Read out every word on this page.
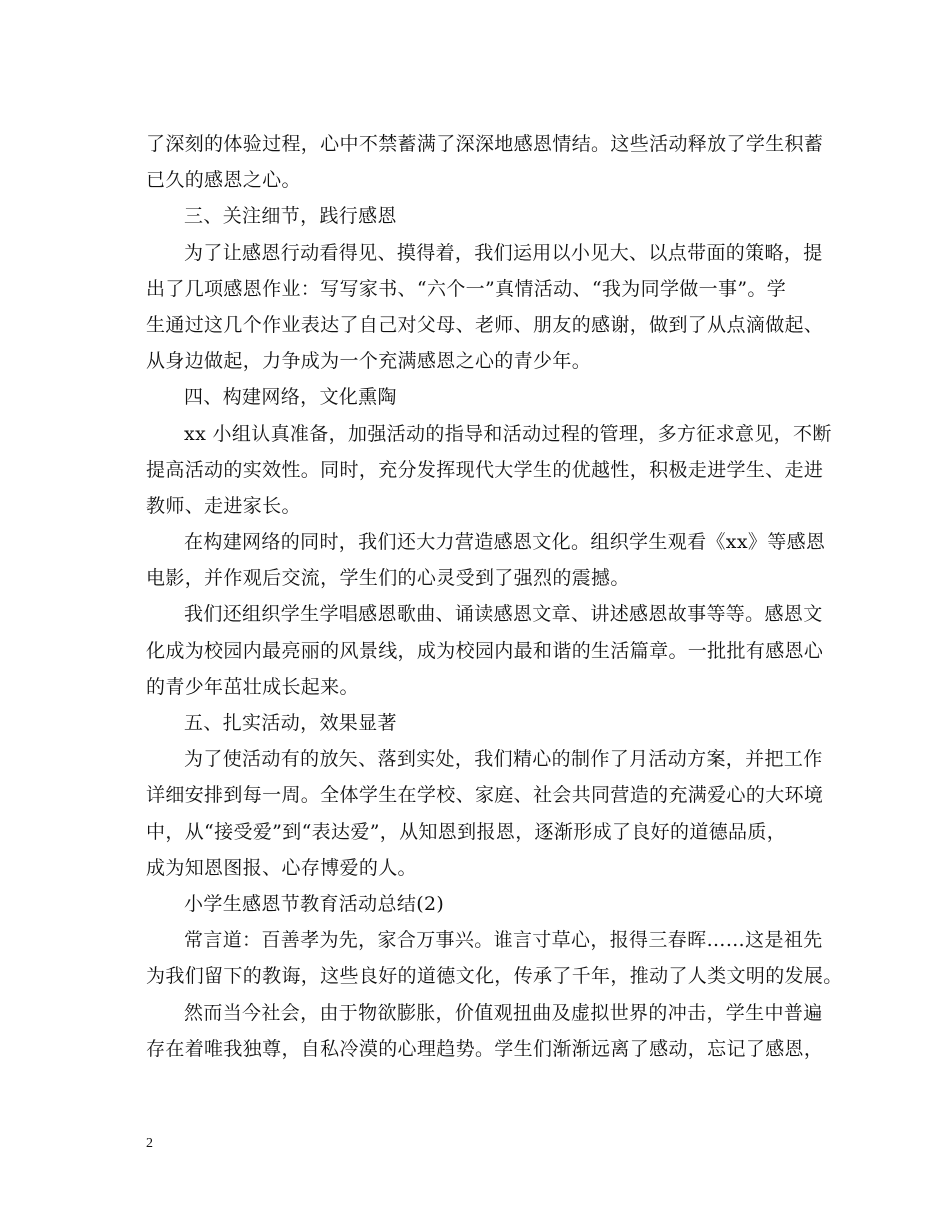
了深刻的体验过程，心中不禁蓄满了深深地感恩情结。这些活动释放了学生积蓄
已久的感恩之心。
三、关注细节，践行感恩
为了让感恩行动看得见、摸得着，我们运用以小见大、以点带面的策略，提
出了几项感恩作业：写写家书、“六个一”真情活动、“我为同学做一事”。学
生通过这几个作业表达了自己对父母、老师、朋友的感谢，做到了从点滴做起、
从身边做起，力争成为一个充满感恩之心的青少年。
四、构建网络，文化熏陶
xx 小组认真准备，加强活动的指导和活动过程的管理，多方征求意见，不断
提高活动的实效性。同时，充分发挥现代大学生的优越性，积极走进学生、走进
教师、走进家长。
在构建网络的同时，我们还大力营造感恩文化。组织学生观看《xx》等感恩
电影，并作观后交流，学生们的心灵受到了强烈的震撼。
我们还组织学生学唱感恩歌曲、诵读感恩文章、讲述感恩故事等等。感恩文
化成为校园内最亮丽的风景线，成为校园内最和谐的生活篇章。一批批有感恩心
的青少年茁壮成长起来。
五、扎实活动，效果显著
为了使活动有的放矢、落到实处，我们精心的制作了月活动方案，并把工作
详细安排到每一周。全体学生在学校、家庭、社会共同营造的充满爱心的大环境
中，从“接受爱”到“表达爱”，从知恩到报恩，逐渐形成了良好的道德品质，
成为知恩图报、心存博爱的人。
小学生感恩节教育活动总结(2)
常言道：百善孝为先，家合万事兴。谁言寸草心，报得三春晖……这是祖先
为我们留下的教诲，这些良好的道德文化，传承了千年，推动了人类文明的发展。
然而当今社会，由于物欲膨胀，价值观扭曲及虚拟世界的冲击，学生中普遍
存在着唯我独尊，自私冷漠的心理趋势。学生们渐渐远离了感动，忘记了感恩，
2
